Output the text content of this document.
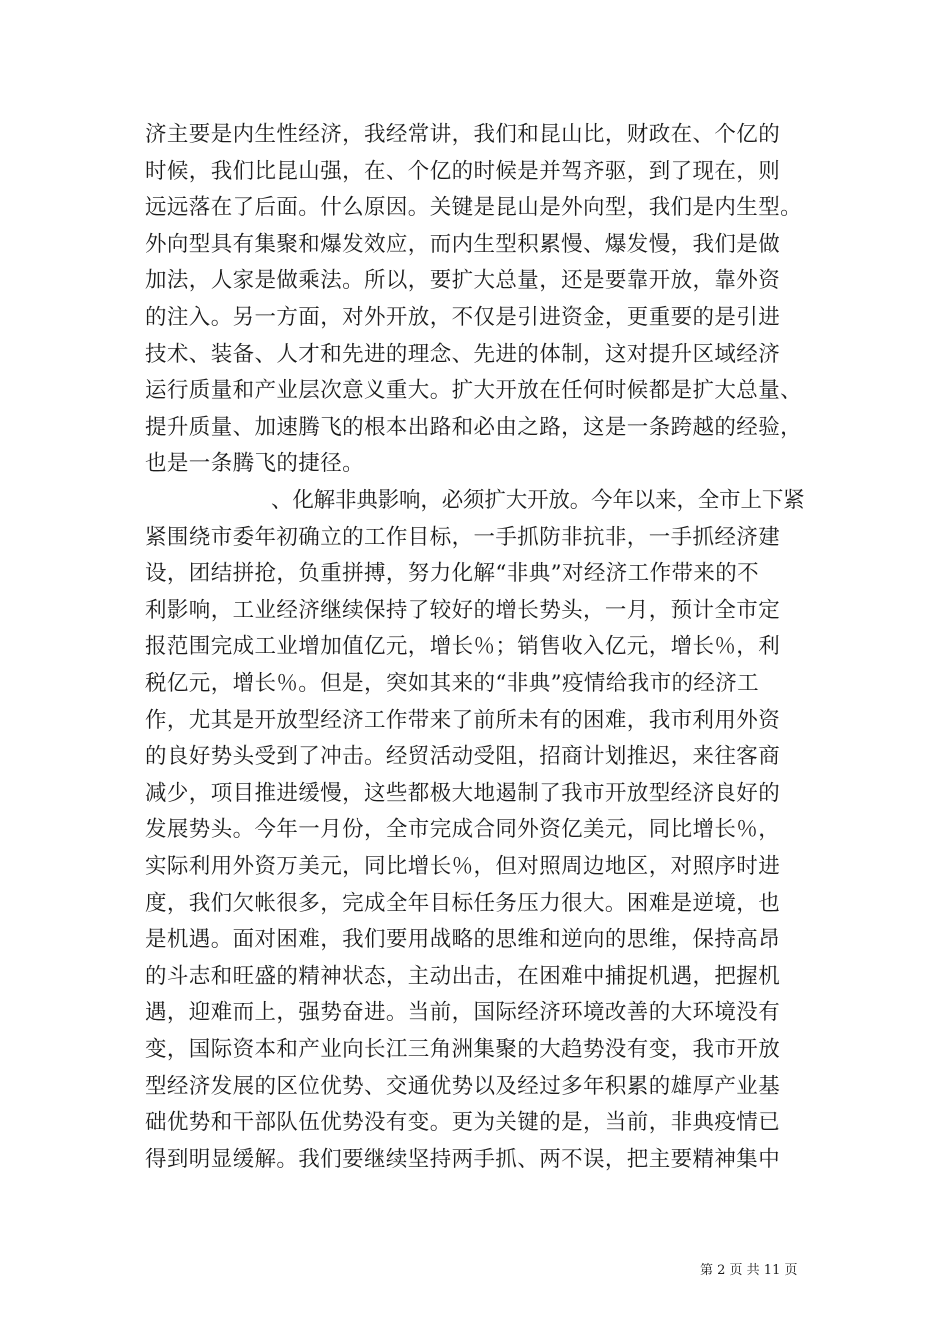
济主要是内生性经济，我经常讲，我们和昆山比，财政在、个亿的
时候，我们比昆山强，在、个亿的时候是并驾齐驱，到了现在，则
远远落在了后面。什么原因。关键是昆山是外向型，我们是内生型。
外向型具有集聚和爆发效应，而内生型积累慢、爆发慢，我们是做
加法，人家是做乘法。所以，要扩大总量，还是要靠开放，靠外资
的注入。另一方面，对外开放，不仅是引进资金，更重要的是引进
技术、装备、人才和先进的理念、先进的体制，这对提升区域经济
运行质量和产业层次意义重大。扩大开放在任何时候都是扩大总量、
提升质量、加速腾飞的根本出路和必由之路，这是一条跨越的经验，
也是一条腾飞的捷径。
、化解非典影响，必须扩大开放。今年以来，全市上下紧
紧围绕市委年初确立的工作目标，一手抓防非抗非，一手抓经济建
设，团结拼抢，负重拼搏，努力化解“非典”对经济工作带来的不
利影响，工业经济继续保持了较好的增长势头，一月，预计全市定
报范围完成工业增加值亿元，增长％；销售收入亿元，增长％，利
税亿元，增长％。但是，突如其来的“非典”疫情给我市的经济工
作，尤其是开放型经济工作带来了前所未有的困难，我市利用外资
的良好势头受到了冲击。经贸活动受阻，招商计划推迟，来往客商
减少，项目推进缓慢，这些都极大地遏制了我市开放型经济良好的
发展势头。今年一月份，全市完成合同外资亿美元，同比增长％，
实际利用外资万美元，同比增长％，但对照周边地区，对照序时进
度，我们欠帐很多，完成全年目标任务压力很大。困难是逆境，也
是机遇。面对困难，我们要用战略的思维和逆向的思维，保持高昂
的斗志和旺盛的精神状态，主动出击，在困难中捕捉机遇，把握机
遇，迎难而上，强势奋进。当前，国际经济环境改善的大环境没有
变，国际资本和产业向长江三角洲集聚的大趋势没有变，我市开放
型经济发展的区位优势、交通优势以及经过多年积累的雄厚产业基
础优势和干部队伍优势没有变。更为关键的是，当前，非典疫情已
得到明显缓解。我们要继续坚持两手抓、两不误，把主要精神集中
第 2 页 共 11 页
